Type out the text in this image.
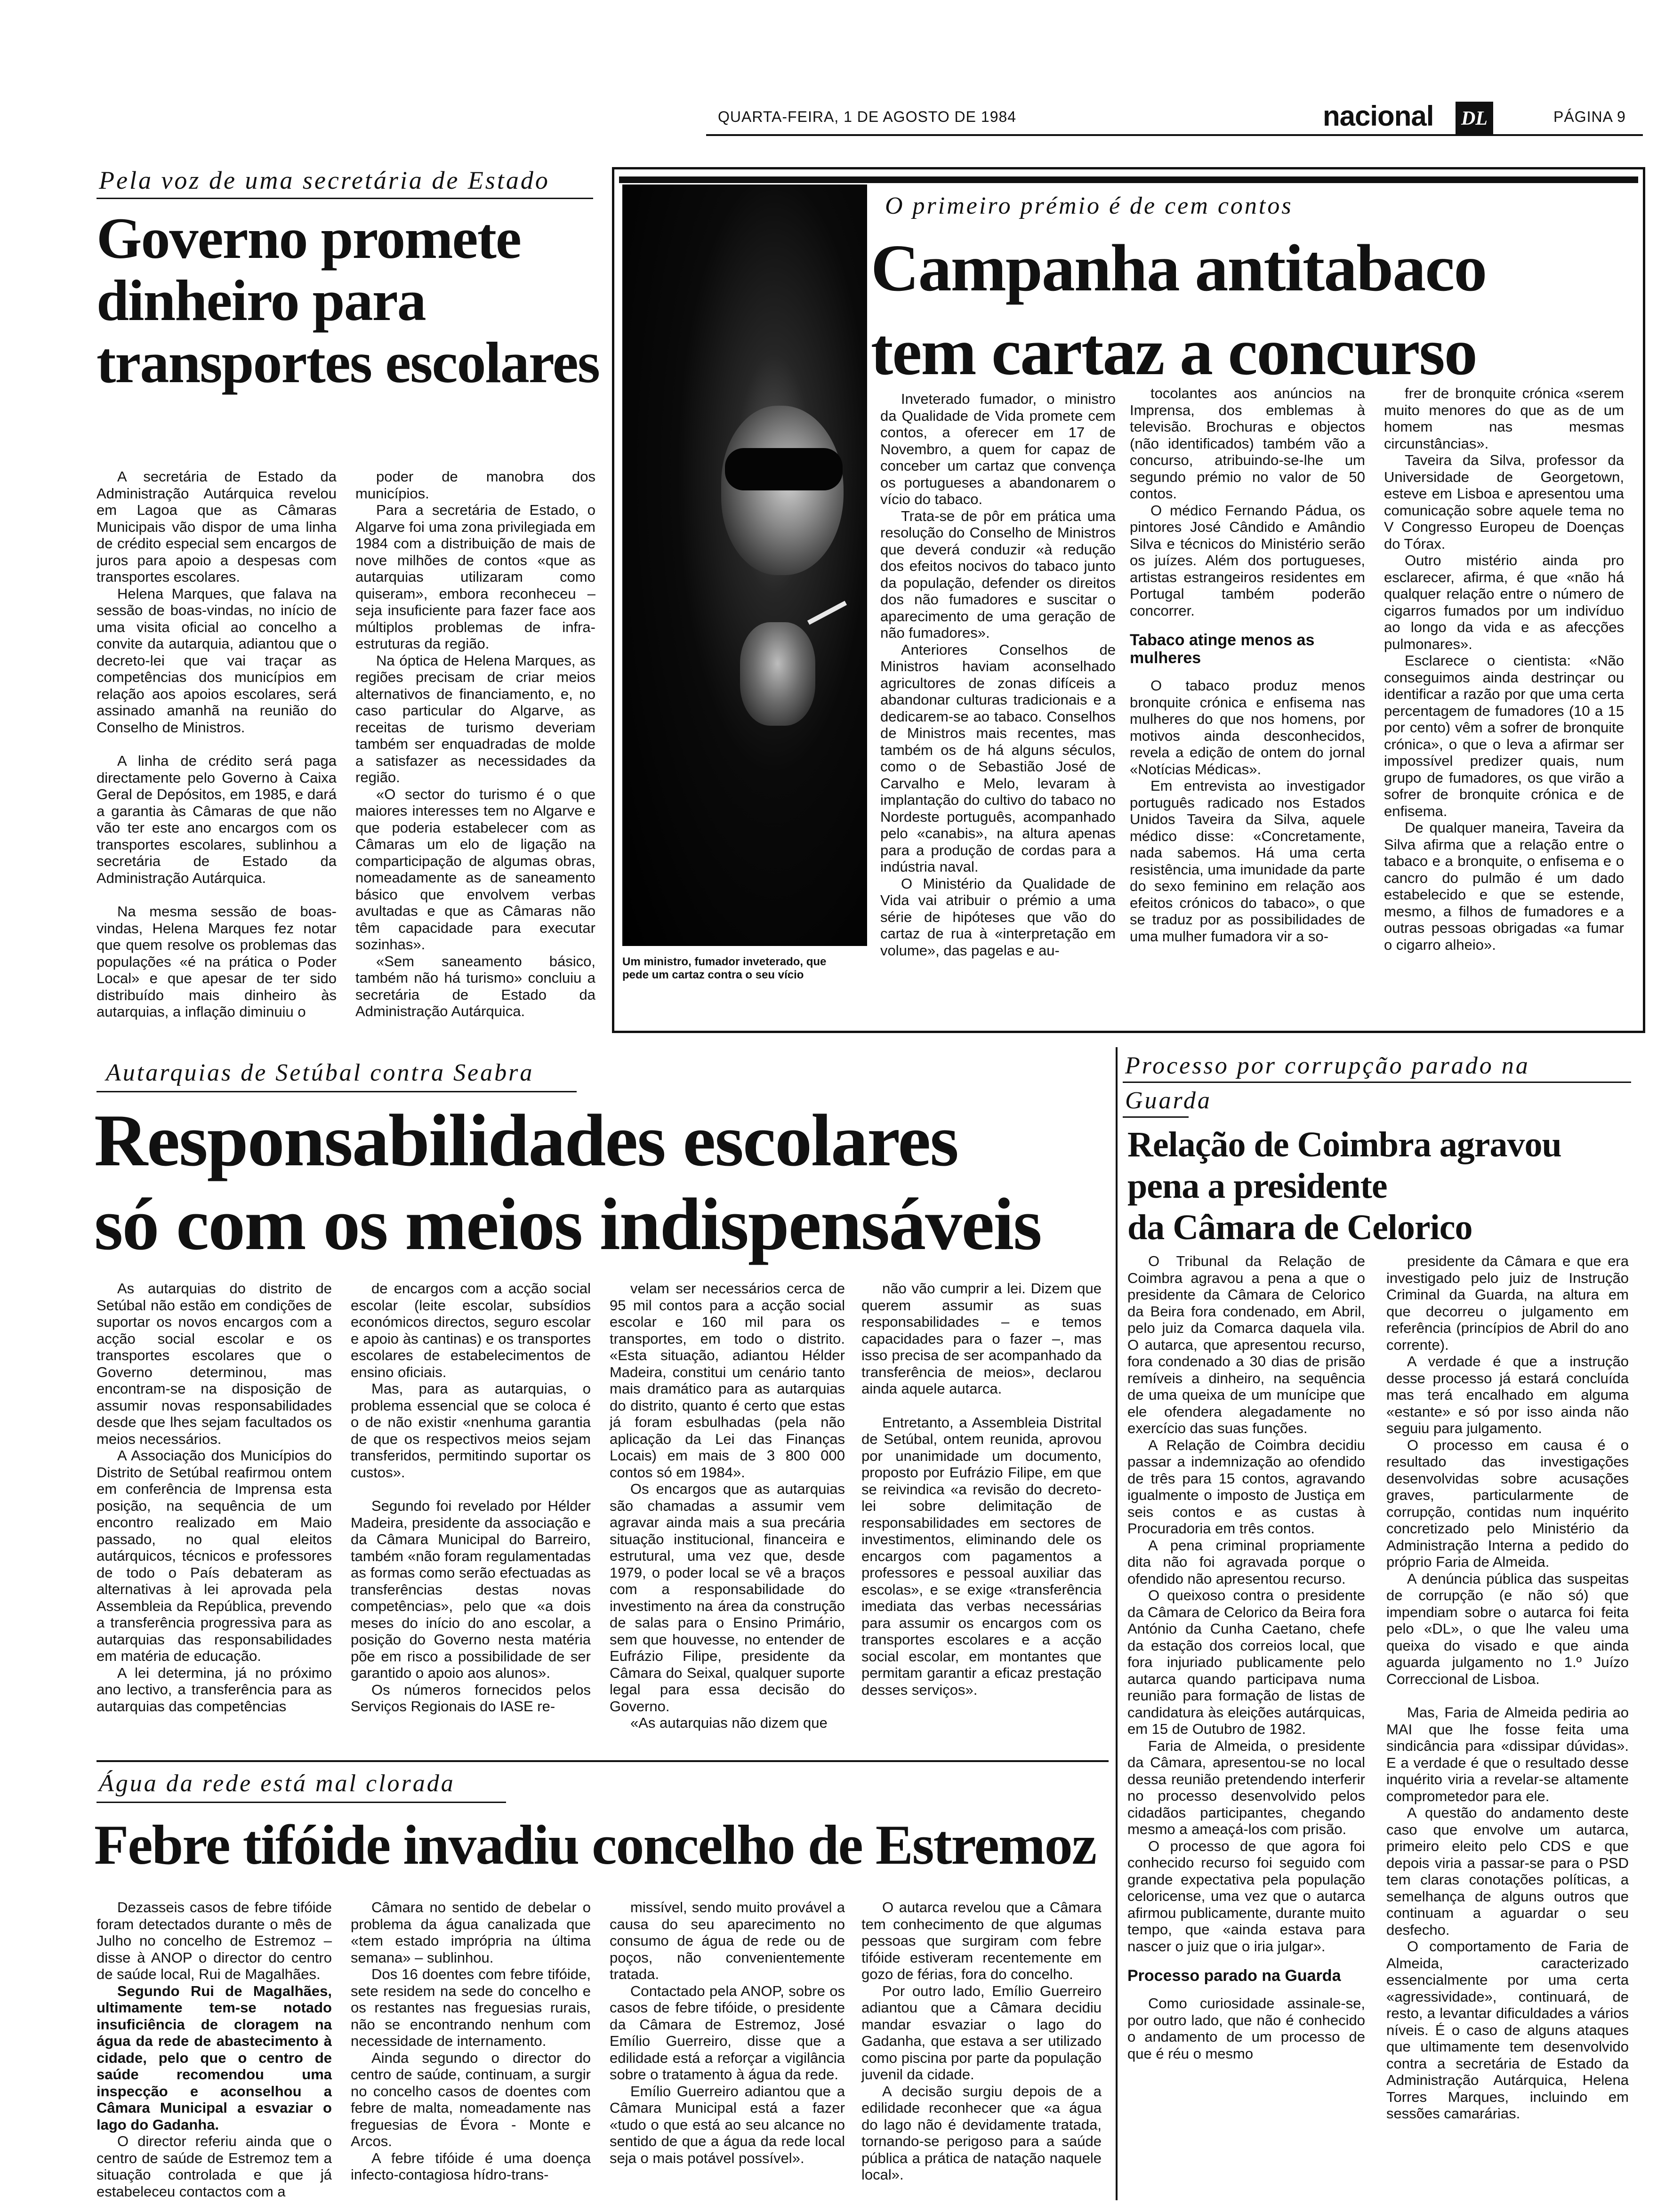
QUARTA-FEIRA, 1 DE AGOSTO DE 1984	nacional DL	PÁGINA 9
Pela voz de uma secretária de Estado
Governo promete
dinheiro para
transportes escolares

A secretária de Estado da Administração Autárquica revelou em Lagoa que as Câmaras Municipais vão dispor de uma linha de crédito especial sem encargos de juros para apoio a despesas com transportes escolares.

Helena Marques, que falava na sessão de boas-vindas, no início de uma visita oficial ao concelho a convite da autarquia, adiantou que o decreto-lei que vai traçar as competências dos municípios em relação aos apoios escolares, será assinado amanhã na reunião do Conselho de Ministros.

A linha de crédito será paga directamente pelo Governo à Caixa Geral de Depósitos, em 1985, e dará a garantia às Câmaras de que não vão ter este ano encargos com os transportes escolares, sublinhou a secretária de Estado da Administração Autárquica.

Na mesma sessão de boas-vindas, Helena Marques fez notar que quem resolve os problemas das populações «é na prática o Poder Local» e que apesar de ter sido distribuído mais dinheiro às autarquias, a inflação diminuiu o

poder de manobra dos municípios.

Para a secretária de Estado, o Algarve foi uma zona privilegiada em 1984 com a distribuição de mais de nove milhões de contos «que as autarquias utilizaram como quiseram», embora reconheceu – seja insuficiente para fazer face aos múltiplos problemas de infra-estruturas da região.

Na óptica de Helena Marques, as regiões precisam de criar meios alternativos de financiamento, e, no caso particular do Algarve, as receitas de turismo deveriam também ser enquadradas de molde a satisfazer as necessidades da região.

«O sector do turismo é o que maiores interesses tem no Algarve e que poderia estabelecer com as Câmaras um elo de ligação na comparticipação de algumas obras, nomeadamente as de saneamento básico que envolvem verbas avultadas e que as Câmaras não têm capacidade para executar sozinhas».

«Sem saneamento básico, também não há turismo» concluiu a secretária de Estado da Administração Autárquica.

Um ministro, fumador inveterado, que pede um cartaz contra o seu vício
O primeiro prémio é de cem contos
Campanha antitabaco
tem cartaz a concurso

Inveterado fumador, o ministro da Qualidade de Vida promete cem contos, a oferecer em 17 de Novembro, a quem for capaz de conceber um cartaz que convença os portugueses a abandonarem o vício do tabaco.

Trata-se de pôr em prática uma resolução do Conselho de Ministros que deverá conduzir «à redução dos efeitos nocivos do tabaco junto da população, defender os direitos dos não fumadores e suscitar o aparecimento de uma geração de não fumadores».

Anteriores Conselhos de Ministros haviam aconselhado agricultores de zonas difíceis a abandonar culturas tradicionais e a dedicarem-se ao tabaco. Conselhos de Ministros mais recentes, mas também os de há alguns séculos, como o de Sebastião José de Carvalho e Melo, levaram à implantação do cultivo do tabaco no Nordeste português, acompanhado pelo «canabis», na altura apenas para a produção de cordas para a indústria naval.

O Ministério da Qualidade de Vida vai atribuir o prémio a uma série de hipóteses que vão do cartaz de rua à «interpretação em volume», das pagelas e au-

tocolantes aos anúncios na Imprensa, dos emblemas à televisão. Brochuras e objectos (não identificados) também vão a concurso, atribuindo-se-lhe um segundo prémio no valor de 50 contos.

O médico Fernando Pádua, os pintores José Cândido e Amândio Silva e técnicos do Ministério serão os juízes. Além dos portugueses, artistas estrangeiros residentes em Portugal também poderão concorrer.

Tabaco atinge menos as mulheres

O tabaco produz menos bronquite crónica e enfisema nas mulheres do que nos homens, por motivos ainda desconhecidos, revela a edição de ontem do jornal «Notícias Médicas».

Em entrevista ao investigador português radicado nos Estados Unidos Taveira da Silva, aquele médico disse: «Concretamente, nada sabemos. Há uma certa resistência, uma imunidade da parte do sexo feminino em relação aos efeitos crónicos do tabaco», o que se traduz por as possibilidades de uma mulher fumadora vir a so-

frer de bronquite crónica «serem muito menores do que as de um homem nas mesmas circunstâncias».

Taveira da Silva, professor da Universidade de Georgetown, esteve em Lisboa e apresentou uma comunicação sobre aquele tema no V Congresso Europeu de Doenças do Tórax.

Outro mistério ainda pro esclarecer, afirma, é que «não há qualquer relação entre o número de cigarros fumados por um indivíduo ao longo da vida e as afecções pulmonares».

Esclarece o cientista: «Não conseguimos ainda destrinçar ou identificar a razão por que uma certa percentagem de fumadores (10 a 15 por cento) vêm a sofrer de bronquite crónica», o que o leva a afirmar ser impossível predizer quais, num grupo de fumadores, os que virão a sofrer de bronquite crónica e de enfisema.

De qualquer maneira, Taveira da Silva afirma que a relação entre o tabaco e a bronquite, o enfisema e o cancro do pulmão é um dado estabelecido e que se estende, mesmo, a filhos de fumadores e a outras pessoas obrigadas «a fumar o cigarro alheio».

Autarquias de Setúbal contra Seabra
Responsabilidades escolares
só com os meios indispensáveis

As autarquias do distrito de Setúbal não estão em condições de suportar os novos encargos com a acção social escolar e os transportes escolares que o Governo determinou, mas encontram-se na disposição de assumir novas responsabilidades desde que lhes sejam facultados os meios necessários.

A Associação dos Municípios do Distrito de Setúbal reafirmou ontem em conferência de Imprensa esta posição, na sequência de um encontro realizado em Maio passado, no qual eleitos autárquicos, técnicos e professores de todo o País debateram as alternativas à lei aprovada pela Assembleia da República, prevendo a transferência progressiva para as autarquias das responsabilidades em matéria de educação.

A lei determina, já no próximo ano lectivo, a transferência para as autarquias das competências

de encargos com a acção social escolar (leite escolar, subsídios económicos directos, seguro escolar e apoio às cantinas) e os transportes escolares de estabelecimentos de ensino oficiais.

Mas, para as autarquias, o problema essencial que se coloca é o de não existir «nenhuma garantia de que os respectivos meios sejam transferidos, permitindo suportar os custos».

Segundo foi revelado por Hélder Madeira, presidente da associação e da Câmara Municipal do Barreiro, também «não foram regulamentadas as formas como serão efectuadas as transferências destas novas competências», pelo que «a dois meses do início do ano escolar, a posição do Governo nesta matéria põe em risco a possibilidade de ser garantido o apoio aos alunos».

Os números fornecidos pelos Serviços Regionais do IASE re-

velam ser necessários cerca de 95 mil contos para a acção social escolar e 160 mil para os transportes, em todo o distrito. «Esta situação, adiantou Hélder Madeira, constitui um cenário tanto mais dramático para as autarquias do distrito, quanto é certo que estas já foram esbulhadas (pela não aplicação da Lei das Finanças Locais) em mais de 3 800 000 contos só em 1984».

Os encargos que as autarquias são chamadas a assumir vem agravar ainda mais a sua precária situação institucional, financeira e estrutural, uma vez que, desde 1979, o poder local se vê a braços com a responsabilidade do investimento na área da construção de salas para o Ensino Primário, sem que houvesse, no entender de Eufrázio Filipe, presidente da Câmara do Seixal, qualquer suporte legal para essa decisão do Governo.

«As autarquias não dizem que

não vão cumprir a lei. Dizem que querem assumir as suas responsabilidades – e temos capacidades para o fazer –, mas isso precisa de ser acompanhado da transferência de meios», declarou ainda aquele autarca.

Entretanto, a Assembleia Distrital de Setúbal, ontem reunida, aprovou por unanimidade um documento, proposto por Eufrázio Filipe, em que se reivindica «a revisão do decreto-lei sobre delimitação de responsabilidades em sectores de investimentos, eliminando dele os encargos com pagamentos a professores e pessoal auxiliar das escolas», e se exige «transferência imediata das verbas necessárias para assumir os encargos com os transportes escolares e a acção social escolar, em montantes que permitam garantir a eficaz prestação desses serviços».

Processo por corrupção parado na
Guarda
Relação de Coimbra agravou
pena a presidente
da Câmara de Celorico

O Tribunal da Relação de Coimbra agravou a pena a que o presidente da Câmara de Celorico da Beira fora condenado, em Abril, pelo juiz da Comarca daquela vila. O autarca, que apresentou recurso, fora condenado a 30 dias de prisão remíveis a dinheiro, na sequência de uma queixa de um munícipe que ele ofendera alegadamente no exercício das suas funções.

A Relação de Coimbra decidiu passar a indemnização ao ofendido de três para 15 contos, agravando igualmente o imposto de Justiça em seis contos e as custas à Procuradoria em três contos.

A pena criminal propriamente dita não foi agravada porque o ofendido não apresentou recurso.

O queixoso contra o presidente da Câmara de Celorico da Beira fora António da Cunha Caetano, chefe da estação dos correios local, que fora injuriado publicamente pelo autarca quando participava numa reunião para formação de listas de candidatura às eleições autárquicas, em 15 de Outubro de 1982.

Faria de Almeida, o presidente da Câmara, apresentou-se no local dessa reunião pretendendo interferir no processo desenvolvido pelos cidadãos participantes, chegando mesmo a ameaçá-los com prisão.

O processo de que agora foi conhecido recurso foi seguido com grande expectativa pela população celoricense, uma vez que o autarca afirmou publicamente, durante muito tempo, que «ainda estava para nascer o juiz que o iria julgar».

Processo parado na Guarda

Como curiosidade assinale-se, por outro lado, que não é conhecido o andamento de um processo de que é réu o mesmo

presidente da Câmara e que era investigado pelo juiz de Instrução Criminal da Guarda, na altura em que decorreu o julgamento em referência (princípios de Abril do ano corrente).

A verdade é que a instrução desse processo já estará concluída mas terá encalhado em alguma «estante» e só por isso ainda não seguiu para julgamento.

O processo em causa é o resultado das investigações desenvolvidas sobre acusações graves, particularmente de corrupção, contidas num inquérito concretizado pelo Ministério da Administração Interna a pedido do próprio Faria de Almeida.

A denúncia pública das suspeitas de corrupção (e não só) que impendiam sobre o autarca foi feita pelo «DL», o que lhe valeu uma queixa do visado e que ainda aguarda julgamento no 1.º Juízo Correccional de Lisboa.

Mas, Faria de Almeida pediria ao MAI que lhe fosse feita uma sindicância para «dissipar dúvidas». E a verdade é que o resultado desse inquérito viria a revelar-se altamente comprometedor para ele.

A questão do andamento deste caso que envolve um autarca, primeiro eleito pelo CDS e que depois viria a passar-se para o PSD tem claras conotações políticas, a semelhança de alguns outros que continuam a aguardar o seu desfecho.

O comportamento de Faria de Almeida, caracterizado essencialmente por uma certa «agressividade», continuará, de resto, a levantar dificuldades a vários níveis. É o caso de alguns ataques que ultimamente tem desenvolvido contra a secretária de Estado da Administração Autárquica, Helena Torres Marques, incluindo em sessões camarárias.

Água da rede está mal clorada
Febre tifóide invadiu concelho de Estremoz

Dezasseis casos de febre tifóide foram detectados durante o mês de Julho no concelho de Estremoz – disse à ANOP o director do centro de saúde local, Rui de Magalhães.

Segundo Rui de Magalhães, ultimamente tem-se notado insuficiência de cloragem na água da rede de abastecimento à cidade, pelo que o centro de saúde recomendou uma inspecção e aconselhou a Câmara Municipal a esvaziar o lago do Gadanha.

O director referiu ainda que o centro de saúde de Estremoz tem a situação controlada e que já estabeleceu contactos com a

Câmara no sentido de debelar o problema da água canalizada que «tem estado imprópria na última semana» – sublinhou.

Dos 16 doentes com febre tifóide, sete residem na sede do concelho e os restantes nas freguesias rurais, não se encontrando nenhum com necessidade de internamento.

Ainda segundo o director do centro de saúde, continuam, a surgir no concelho casos de doentes com febre de malta, nomeadamente nas freguesias de Évora - Monte e Arcos.

A febre tifóide é uma doença infecto-contagiosa hídro-trans-

missível, sendo muito provável a causa do seu aparecimento no consumo de água de rede ou de poços, não convenientemente tratada.

Contactado pela ANOP, sobre os casos de febre tifóide, o presidente da Câmara de Estremoz, José Emílio Guerreiro, disse que a edilidade está a reforçar a vigilância sobre o tratamento à água da rede.

Emílio Guerreiro adiantou que a Câmara Municipal está a fazer «tudo o que está ao seu alcance no sentido de que a água da rede local seja o mais potável possível».

O autarca revelou que a Câmara tem conhecimento de que algumas pessoas que surgiram com febre tifóide estiveram recentemente em gozo de férias, fora do concelho.

Por outro lado, Emílio Guerreiro adiantou que a Câmara decidiu mandar esvaziar o lago do Gadanha, que estava a ser utilizado como piscina por parte da população juvenil da cidade.

A decisão surgiu depois de a edilidade reconhecer que «a água do lago não é devidamente tratada, tornando-se perigoso para a saúde pública a prática de natação naquele local».
